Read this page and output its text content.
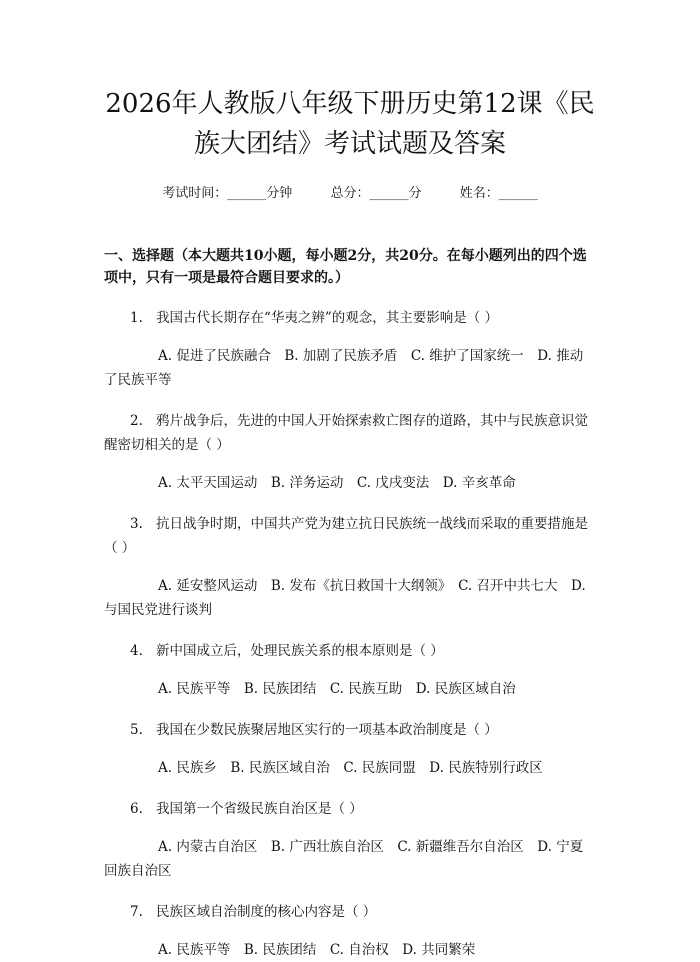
2026年人教版八年级下册历史第12课《民族大团结》考试试题及答案
考试时间：______分钟	总分：______分	姓名：______
一、选择题（本大题共10小题，每小题2分，共20分。在每小题列出的四个选项中，只有一项是最符合题目要求的。）
1. 我国古代长期存在“华夷之辨”的观念，其主要影响是（ ）
A. 促进了民族融合　B. 加剧了民族矛盾　C. 维护了国家统一　D. 推动了民族平等
2. 鸦片战争后，先进的中国人开始探索救亡图存的道路，其中与民族意识觉醒密切相关的是（ ）
A. 太平天国运动　B. 洋务运动　C. 戊戌变法　D. 辛亥革命
3. 抗日战争时期，中国共产党为建立抗日民族统一战线而采取的重要措施是（ ）
A. 延安整风运动　B. 发布《抗日救国十大纲领》　C. 召开中共七大　D. 与国民党进行谈判
4. 新中国成立后，处理民族关系的根本原则是（ ）
A. 民族平等　B. 民族团结　C. 民族互助　D. 民族区域自治
5. 我国在少数民族聚居地区实行的一项基本政治制度是（ ）
A. 民族乡　B. 民族区域自治　C. 民族同盟　D. 民族特别行政区
6. 我国第一个省级民族自治区是（ ）
A. 内蒙古自治区　B. 广西壮族自治区　C. 新疆维吾尔自治区　D. 宁夏回族自治区
7. 民族区域自治制度的核心内容是（ ）
A. 民族平等　B. 民族团结　C. 自治权　D. 共同繁荣
